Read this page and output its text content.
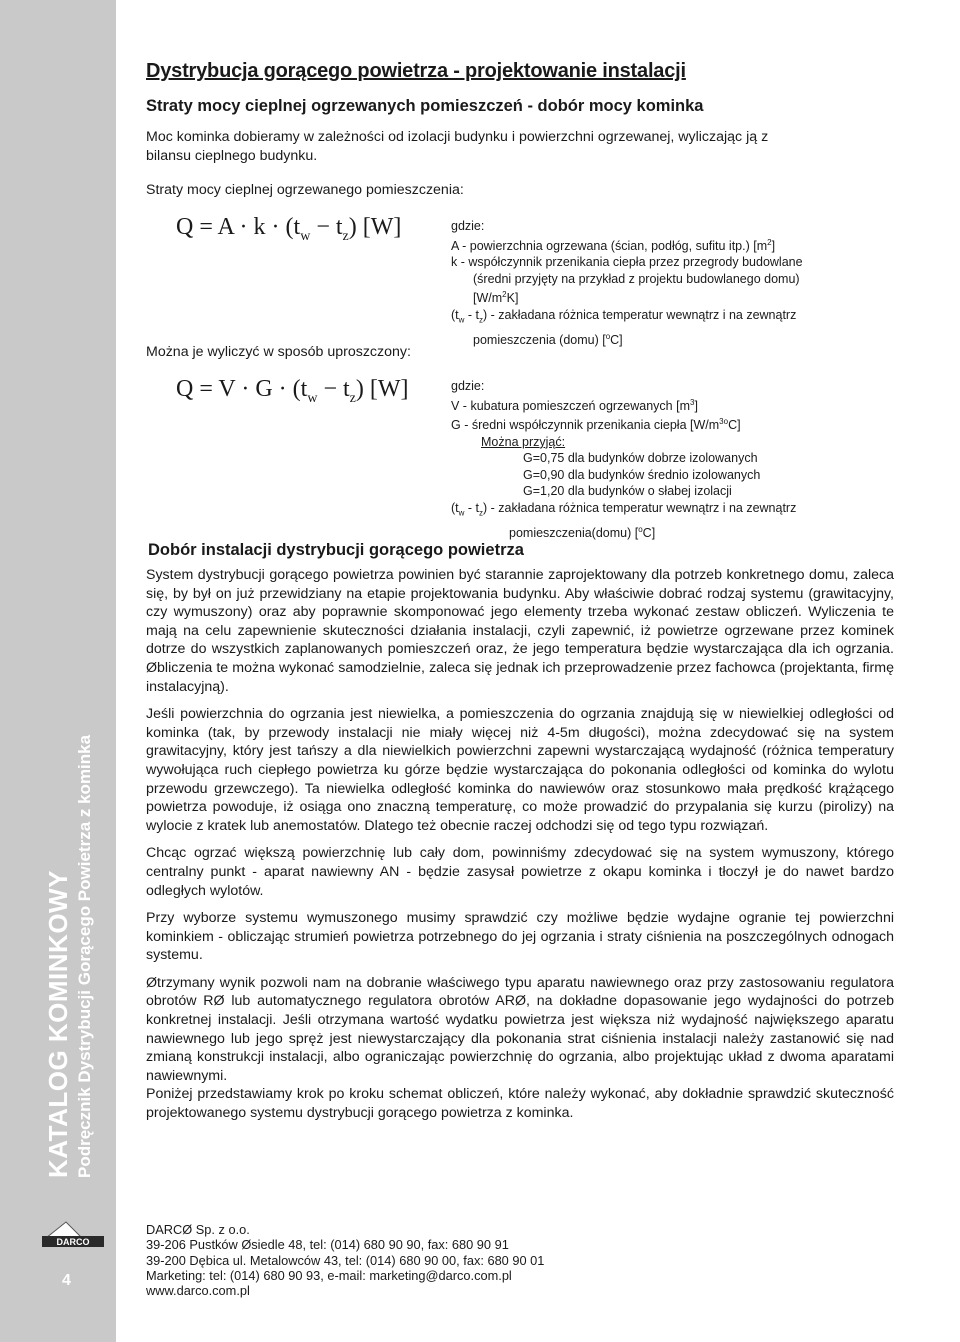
KATALOG KOMINKOWY Podręcznik Dystrybucji Gorącego Powietrza z kominka
DARCO
4
Dystrybucja gorącego powietrza - projektowanie instalacji
Straty mocy cieplnej ogrzewanych pomieszczeń - dobór mocy kominka
Moc kominka dobieramy w zależności od izolacji budynku i powierzchni ogrzewanej, wyliczając ją z
bilansu cieplnego budynku.
Straty mocy cieplnej ogrzewanego pomieszczenia:
$Q = A \cdot k \cdot (t_w - t_z)$ [W]	gdzie:
A - powierzchnia ogrzewana (ścian, podłóg, sufitu itp.) $[m^2]$
k - współczynnik przenikania ciepła przez przegrody budowlane
(średni przyjęty na przykład z projektu budowlanego domu)
$[W/m^2K]$
$(t_w - t_z)$ - zakładana różnica temperatur wewnątrz i na zewnątrz
pomieszczenia (domu) [$^o$C]
Można je wyliczyć w sposób uproszczony:
$Q = V \cdot G \cdot (t_w - t_z)$ [W]	gdzie:
V - kubatura pomieszczeń ogrzewanych $[m^3]$
G - średni współczynnik przenikania ciepła $[W/m^{3o}C]$
Można przyjąć:
G=0,75 dla budynków dobrze izolowanych
G=0,90 dla budynków średnio izolowanych
G=1,20 dla budynków o słabej izolacji
$(t_w - t_z)$ - zakładana różnica temperatur wewnątrz i na zewnątrz
pomieszczenia(domu) [$^o$C]
Dobór instalacji dystrybucji gorącego powietrza

System dystrybucji gorącego powietrza powinien być starannie zaprojektowany dla potrzeb konkretnego domu, zaleca się, by był on już przewidziany na etapie projektowania budynku. Aby właściwie dobrać rodzaj systemu (grawitacyjny, czy wymuszony) oraz aby poprawnie skomponować jego elementy trzeba wykonać zestaw obliczeń. Wyliczenia te mają na celu zapewnienie skuteczności działania instalacji, czyli zapewnić, iż powietrze ogrzewane przez kominek dotrze do wszystkich zaplanowanych pomieszczeń oraz, że jego temperatura będzie wystarczająca dla ich ogrzania. Øbliczenia te można wykonać samodzielnie, zaleca się jednak ich przeprowadzenie przez fachowca (projektanta, firmę instalacyjną).

Jeśli powierzchnia do ogrzania jest niewielka, a pomieszczenia do ogrzania znajdują się w niewielkiej odległości od kominka (tak, by przewody instalacji nie miały więcej niż 4-5m długości), można zdecydować się na system grawitacyjny, który jest tańszy a dla niewielkich powierzchni zapewni wystarczającą wydajność (różnica temperatury wywołująca ruch ciepłego powietrza ku górze będzie wystarczająca do pokonania odległości od kominka do wylotu przewodu grzewczego). Ta niewielka odległość kominka do nawiewów oraz stosunkowo mała prędkość krążącego powietrza powoduje, iż osiąga ono znaczną temperaturę, co może prowadzić do przypalania się kurzu (pirolizy) na wylocie z kratek lub anemostatów. Dlatego też obecnie raczej odchodzi się od tego typu rozwiązań.

Chcąc ogrzać większą powierzchnię lub cały dom, powinniśmy zdecydować się na system wymuszony, którego centralny punkt - aparat nawiewny AN - będzie zasysał powietrze z okapu kominka i tłoczył je do nawet bardzo odległych wylotów.

Przy wyborze systemu wymuszonego musimy sprawdzić czy możliwe będzie wydajne ogranie tej powierzchni kominkiem - obliczając strumień powietrza potrzebnego do jej ogrzania i straty ciśnienia na poszczególnych odnogach systemu.

Øtrzymany wynik pozwoli nam na dobranie właściwego typu aparatu nawiewnego oraz przy zastosowaniu regulatora obrotów RØ lub automatycznego regulatora obrotów ARØ, na dokładne dopasowanie jego wydajności do potrzeb konkretnej instalacji. Jeśli otrzymana wartość wydatku powietrza jest większa niż wydajność największego aparatu nawiewnego lub jego spręż jest niewystarczający dla pokonania strat ciśnienia instalacji należy zastanowić się nad zmianą konstrukcji instalacji, albo ograniczając powierzchnię do ogrzania, albo projektując układ z dwoma aparatami nawiewnymi.

Poniżej przedstawiamy krok po kroku schemat obliczeń, które należy wykonać, aby dokładnie sprawdzić skuteczność projektowanego systemu dystrybucji gorącego powietrza z kominka.

DARCØ Sp. z o.o.
39-206 Pustków Øsiedle 48, tel: (014) 680 90 90, fax: 680 90 91
39-200 Dębica ul. Metalowców 43, tel: (014) 680 90 00, fax: 680 90 01
Marketing: tel: (014) 680 90 93, e-mail: marketing@darco.com.pl
www.darco.com.pl
